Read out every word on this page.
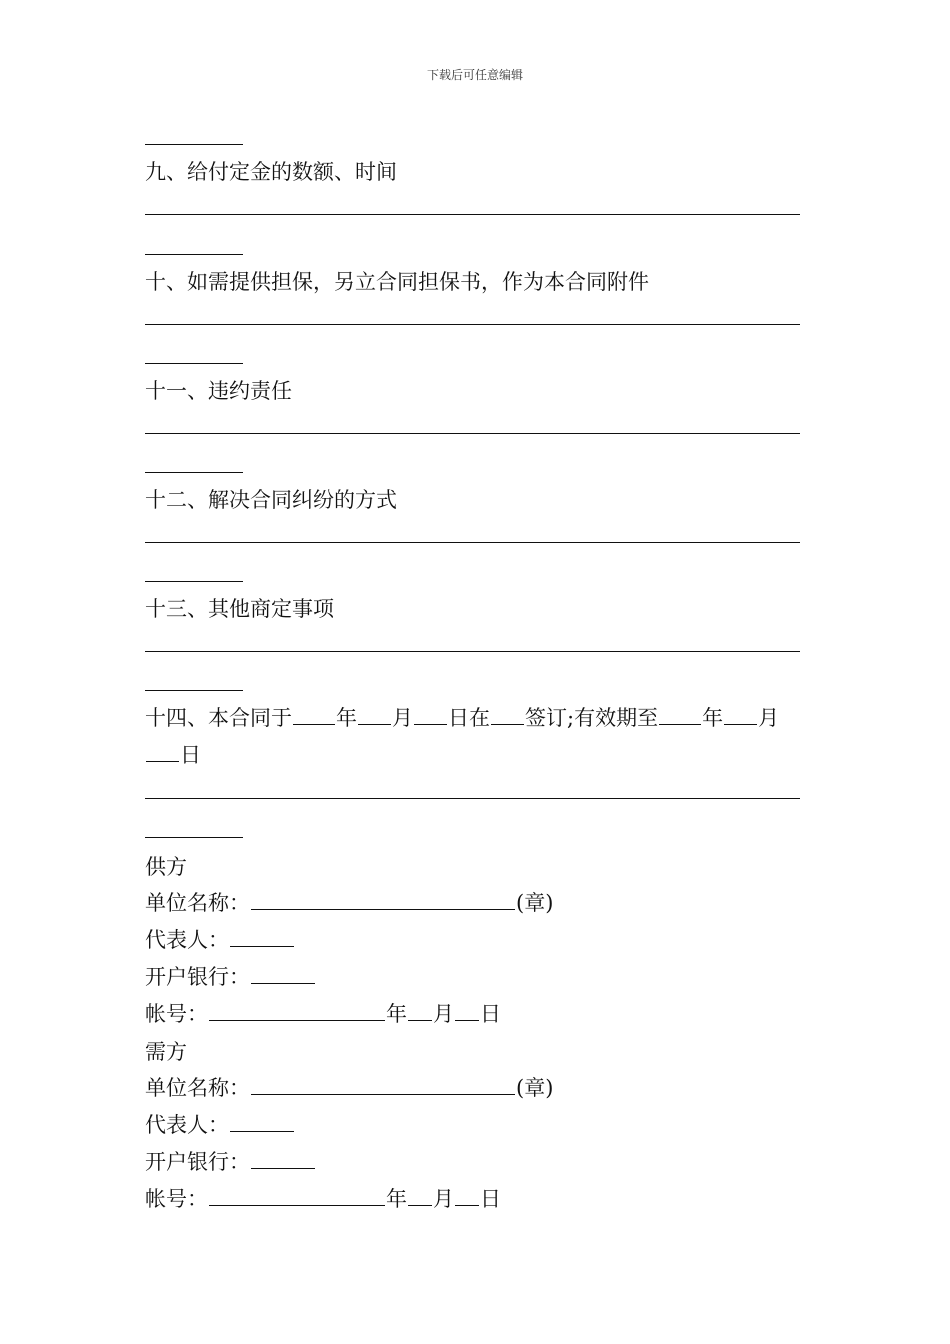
下载后可任意编辑
九、给付定金的数额、时间
十、如需提供担保，另立合同担保书，作为本合同附件
十一、违约责任
十二、解决合同纠纷的方式
十三、其他商定事项
十四、本合同于 年 月 日在 签订;有效期至 年 月
日
供方
单位名称：	(章)
代表人：
开户银行：
帐号：	年 月 日
需方
单位名称：	(章)
代表人：
开户银行：
帐号：	年 月 日
